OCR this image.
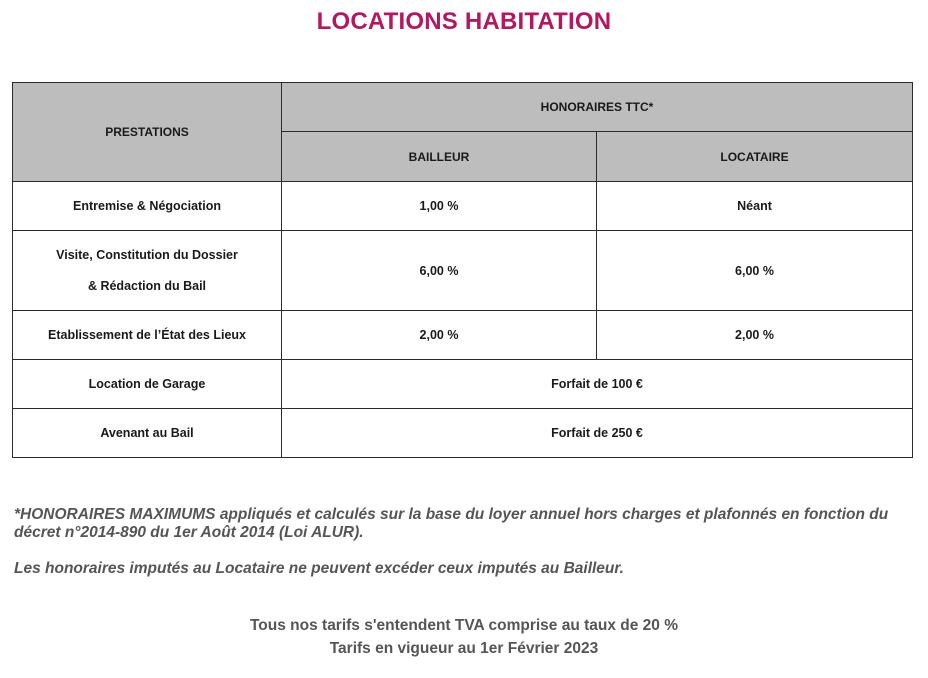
LOCATIONS HABITATION
PRESTATIONS	HONORAIRES TTC*	
	BAILLEUR	LOCATAIRE
Entremise & Négociation	1,00 %	Néant

Visite, Constitution du Dossier
& Rédaction du Bail	6,00 %	6,00 %
Etablissement de l’État des Lieux	2,00 %	2,00 %
Location de Garage	Forfait de 100 €	
Avenant au Bail	Forfait de 250 €	

*HONORAIRES MAXIMUMS appliqués et calculés sur la base du loyer annuel hors charges et plafonnés en fonction du décret n°2014-890 du 1er Août 2014 (Loi ALUR).

Les honoraires imputés au Locataire ne peuvent excéder ceux imputés au Bailleur.

Tous nos tarifs s'entendent TVA comprise au taux de 20 %

Tarifs en vigueur au 1er Février 2023
